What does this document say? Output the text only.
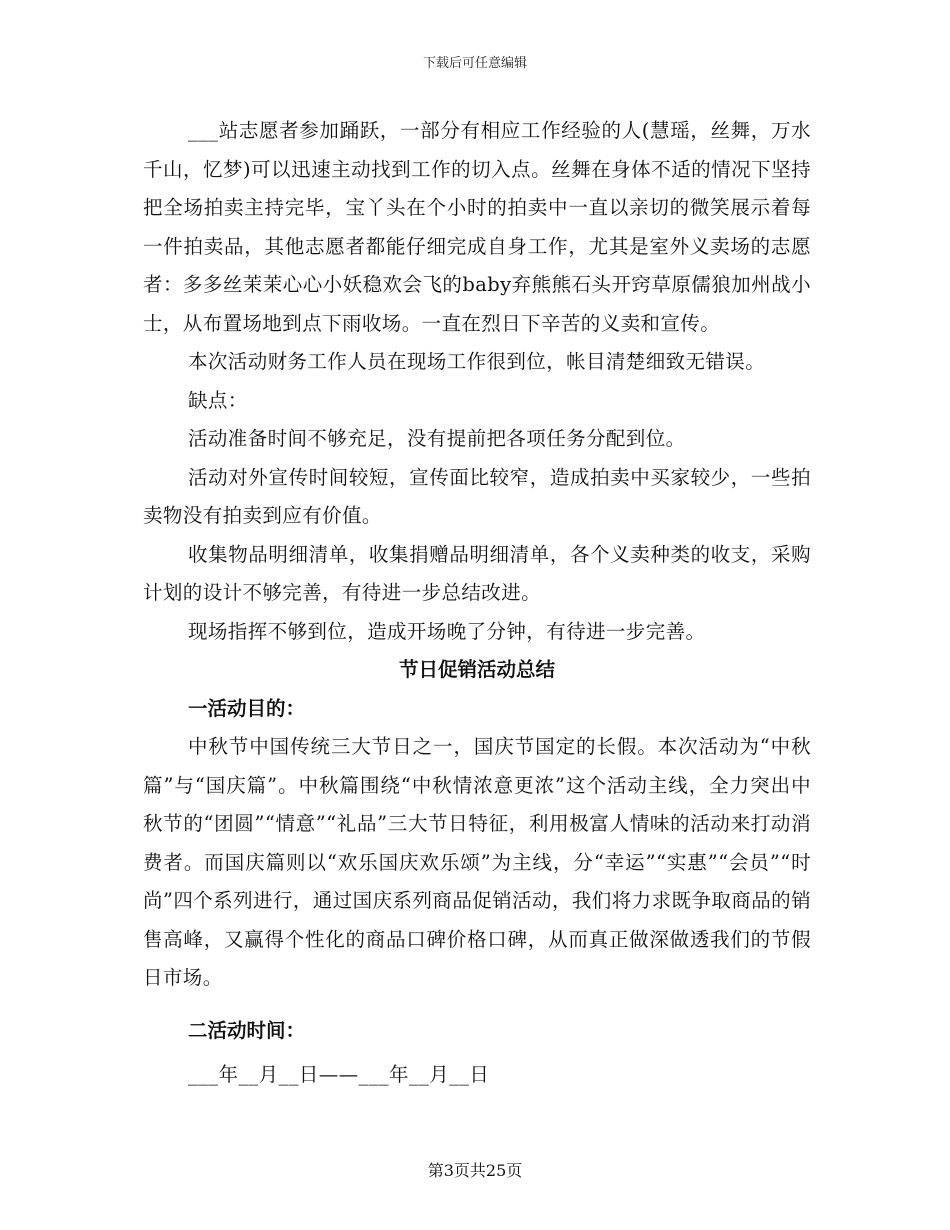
下载后可任意编辑

___站志愿者参加踊跃，一部分有相应工作经验的人(慧瑶，丝舞，万水千山，忆梦)可以迅速主动找到工作的切入点。丝舞在身体不适的情况下坚持把全场拍卖主持完毕，宝丫头在个小时的拍卖中一直以亲切的微笑展示着每一件拍卖品，其他志愿者都能仔细完成自身工作，尤其是室外义卖场的志愿者：多多丝茉茉心心小妖稳欢会飞的baby弃熊熊石头开窍草原儒狼加州战小士，从布置场地到点下雨收场。一直在烈日下辛苦的义卖和宣传。

本次活动财务工作人员在现场工作很到位，帐目清楚细致无错误。

缺点：

活动准备时间不够充足，没有提前把各项任务分配到位。

活动对外宣传时间较短，宣传面比较窄，造成拍卖中买家较少，一些拍卖物没有拍卖到应有价值。

收集物品明细清单，收集捐赠品明细清单，各个义卖种类的收支，采购计划的设计不够完善，有待进一步总结改进。

现场指挥不够到位，造成开场晚了分钟，有待进一步完善。

节日促销活动总结

一活动目的：

中秋节中国传统三大节日之一，国庆节国定的长假。本次活动为“中秋篇”与“国庆篇”。中秋篇围绕“中秋情浓意更浓”这个活动主线，全力突出中秋节的“团圆”“情意”“礼品”三大节日特征，利用极富人情味的活动来打动消费者。而国庆篇则以“欢乐国庆欢乐颂”为主线，分“幸运”“实惠”“会员”“时尚”四个系列进行，通过国庆系列商品促销活动，我们将力求既争取商品的销售高峰，又赢得个性化的商品口碑价格口碑，从而真正做深做透我们的节假日市场。

二活动时间：

___年__月__日——___年__月__日

第3页共25页
